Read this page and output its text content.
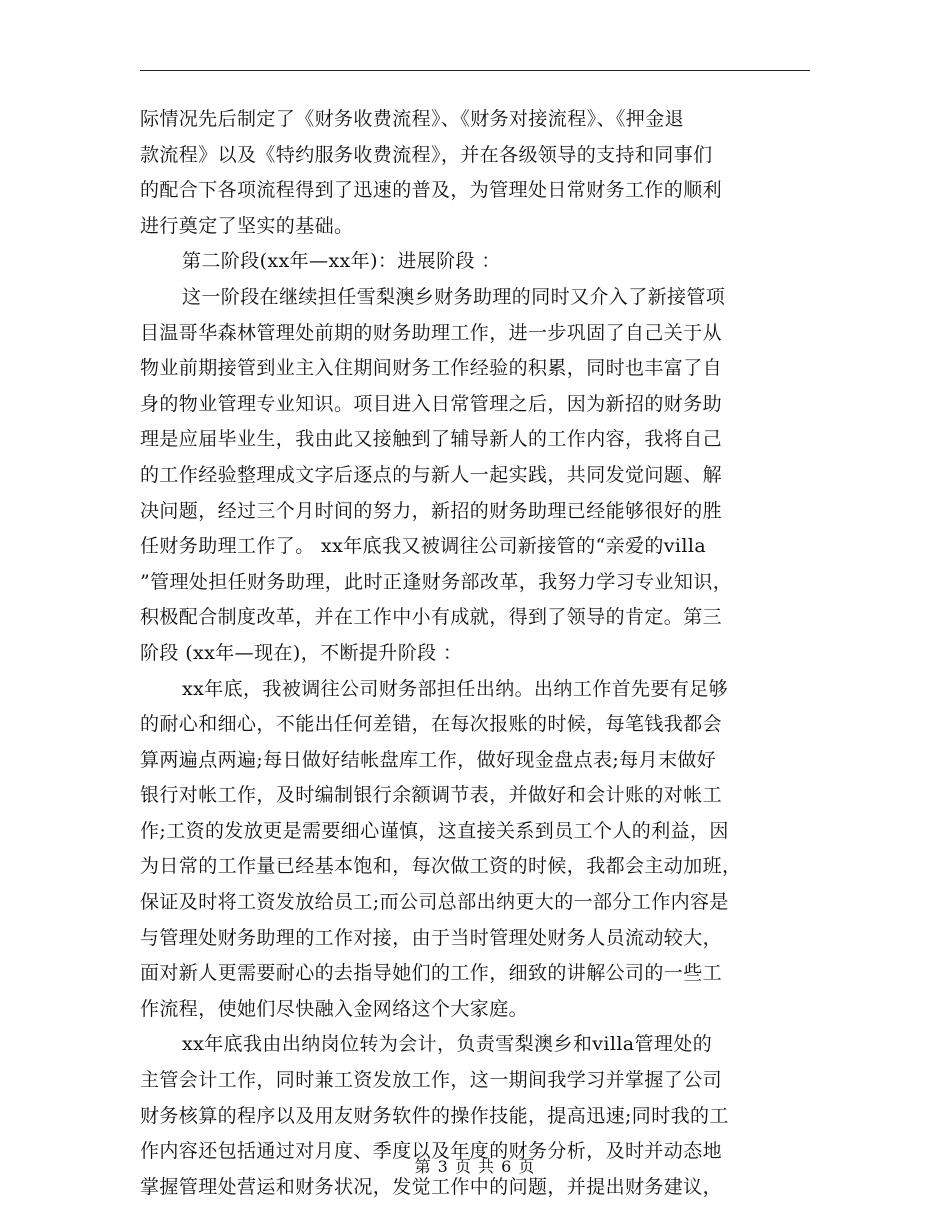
际情况先后制定了《财务收费流程》、《财务对接流程》、《押金退
款流程》以及《特约服务收费流程》，并在各级领导的支持和同事们
的配合下各项流程得到了迅速的普及，为管理处日常财务工作的顺利
进行奠定了坚实的基础。
第二阶段(xx年—xx年)：进展阶段 ：
这一阶段在继续担任雪梨澳乡财务助理的同时又介入了新接管项
目温哥华森林管理处前期的财务助理工作，进一步巩固了自己关于从
物业前期接管到业主入住期间财务工作经验的积累，同时也丰富了自
身的物业管理专业知识。项目进入日常管理之后，因为新招的财务助
理是应届毕业生，我由此又接触到了辅导新人的工作内容，我将自己
的工作经验整理成文字后逐点的与新人一起实践，共同发觉问题、解
决问题，经过三个月时间的努力，新招的财务助理已经能够很好的胜
任财务助理工作了。 xx年底我又被调往公司新接管的“亲爱的villa
”管理处担任财务助理，此时正逢财务部改革，我努力学习专业知识，
积极配合制度改革，并在工作中小有成就，得到了领导的肯定。第三
阶段 (xx年—现在)，不断提升阶段 ：
xx年底，我被调往公司财务部担任出纳。出纳工作首先要有足够
的耐心和细心，不能出任何差错，在每次报账的时候，每笔钱我都会
算两遍点两遍;每日做好结帐盘库工作，做好现金盘点表;每月末做好
银行对帐工作，及时编制银行余额调节表，并做好和会计账的对帐工
作;工资的发放更是需要细心谨慎，这直接关系到员工个人的利益，因
为日常的工作量已经基本饱和，每次做工资的时候，我都会主动加班，
保证及时将工资发放给员工;而公司总部出纳更大的一部分工作内容是
与管理处财务助理的工作对接，由于当时管理处财务人员流动较大，
面对新人更需要耐心的去指导她们的工作，细致的讲解公司的一些工
作流程，使她们尽快融入金网络这个大家庭。
xx年底我由出纳岗位转为会计，负责雪梨澳乡和villa管理处的
主管会计工作，同时兼工资发放工作，这一期间我学习并掌握了公司
财务核算的程序以及用友财务软件的操作技能，提高迅速;同时我的工
作内容还包括通过对月度、季度以及年度的财务分析，及时并动态地
掌握管理处营运和财务状况，发觉工作中的问题，并提出财务建议，
第 3 页 共 6 页
